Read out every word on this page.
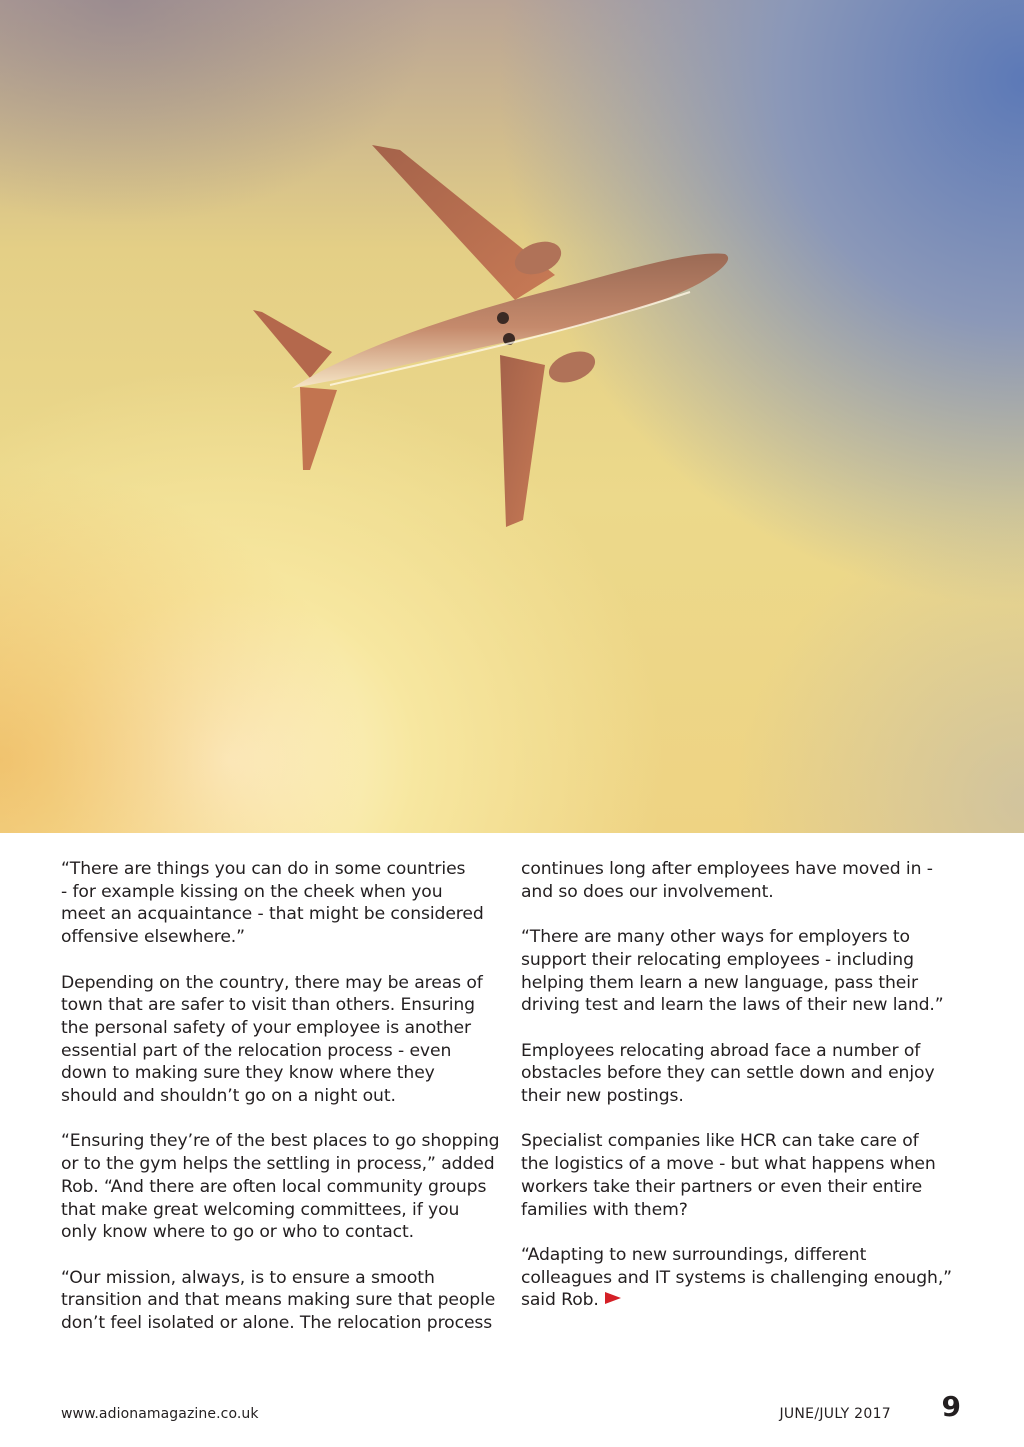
“There are things you can do in some countries
- for example kissing on the cheek when you
meet an acquaintance - that might be considered
offensive elsewhere.”

Depending on the country, there may be areas of
town that are safer to visit than others. Ensuring
the personal safety of your employee is another
essential part of the relocation process - even
down to making sure they know where they
should and shouldn’t go on a night out.

“Ensuring they’re of the best places to go shopping
or to the gym helps the settling in process,” added
Rob. “And there are often local community groups
that make great welcoming committees, if you
only know where to go or who to contact.

“Our mission, always, is to ensure a smooth
transition and that means making sure that people
don’t feel isolated or alone. The relocation process

continues long after employees have moved in -
and so does our involvement.

“There are many other ways for employers to
support their relocating employees - including
helping them learn a new language, pass their
driving test and learn the laws of their new land.”

Employees relocating abroad face a number of
obstacles before they can settle down and enjoy
their new postings.

Specialist companies like HCR can take care of
the logistics of a move - but what happens when
workers take their partners or even their entire
families with them?

“Adapting to new surroundings, different
colleagues and IT systems is challenging enough,”
said Rob.

www.adionamagazine.co.uk	JUNE/JULY 2017 9
